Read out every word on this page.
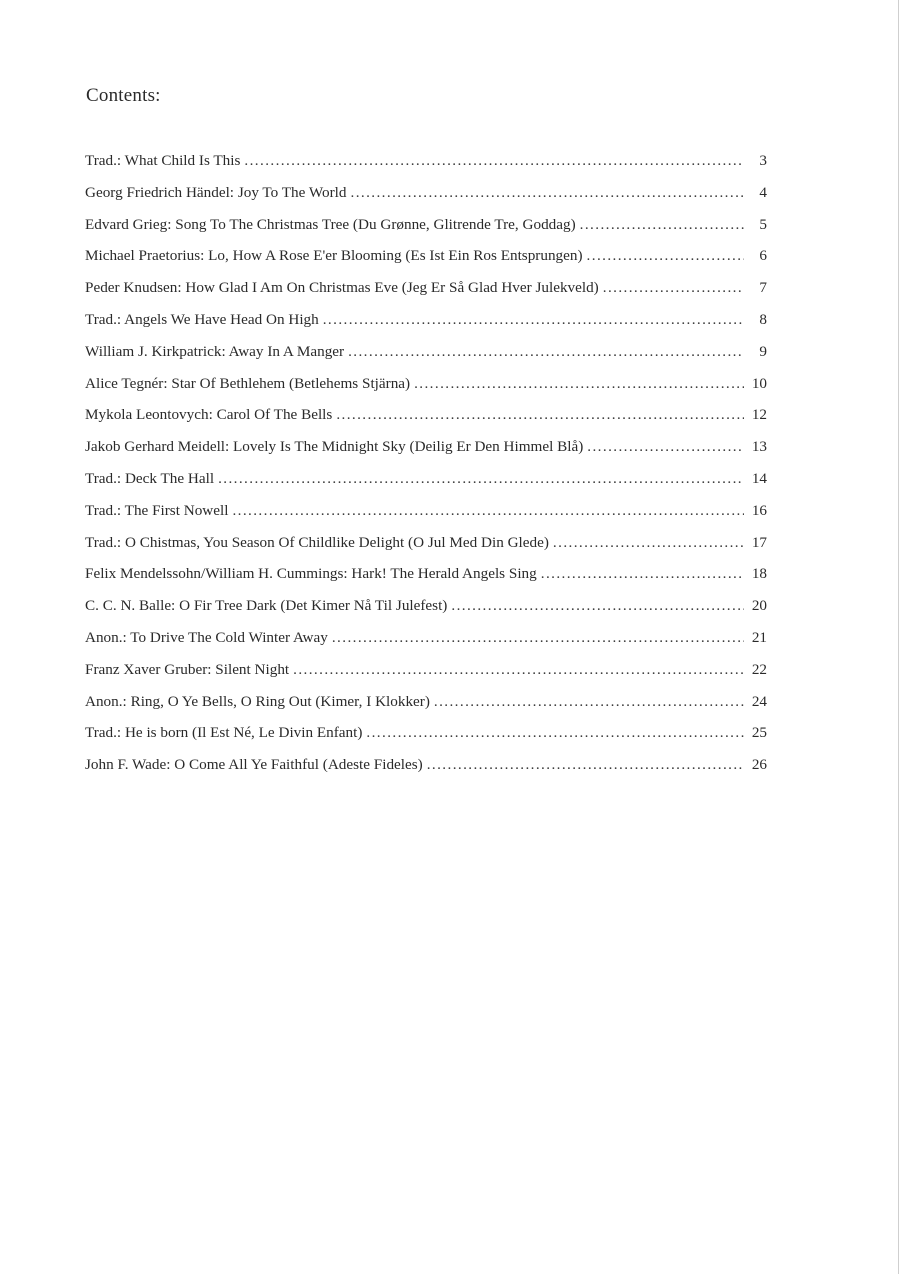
Contents:
Trad.: What Child Is This .....	3
Georg Friedrich Händel: Joy To The World .....	4
Edvard Grieg: Song To The Christmas Tree (Du Grønne, Glitrende Tre, Goddag) .....	5
Michael Praetorius: Lo, How A Rose E'er Blooming (Es Ist Ein Ros Entsprungen) .....	6
Peder Knudsen: How Glad I Am On Christmas Eve (Jeg Er Så Glad Hver Julekveld) .....	7
Trad.: Angels We Have Head On High .....	8
William J. Kirkpatrick: Away In A Manger .....	9
Alice Tegnér: Star Of Bethlehem (Betlehems Stjärna) .....	10
Mykola Leontovych: Carol Of The Bells .....	12
Jakob Gerhard Meidell: Lovely Is The Midnight Sky (Deilig Er Den Himmel Blå) .....	13
Trad.: Deck The Hall .....	14
Trad.: The First Nowell .....	16
Trad.: O Chistmas, You Season Of Childlike Delight (O Jul Med Din Glede) .....	17
Felix Mendelssohn/William H. Cummings: Hark! The Herald Angels Sing .....	18
C. C. N. Balle: O Fir Tree Dark (Det Kimer Nå Til Julefest) .....	20
Anon.: To Drive The Cold Winter Away .....	21
Franz Xaver Gruber: Silent Night .....	22
Anon.: Ring, O Ye Bells, O Ring Out (Kimer, I Klokker) .....	24
Trad.: He is born (Il Est Né, Le Divin Enfant) .....	25
John F. Wade: O Come All Ye Faithful (Adeste Fideles) .....	26
